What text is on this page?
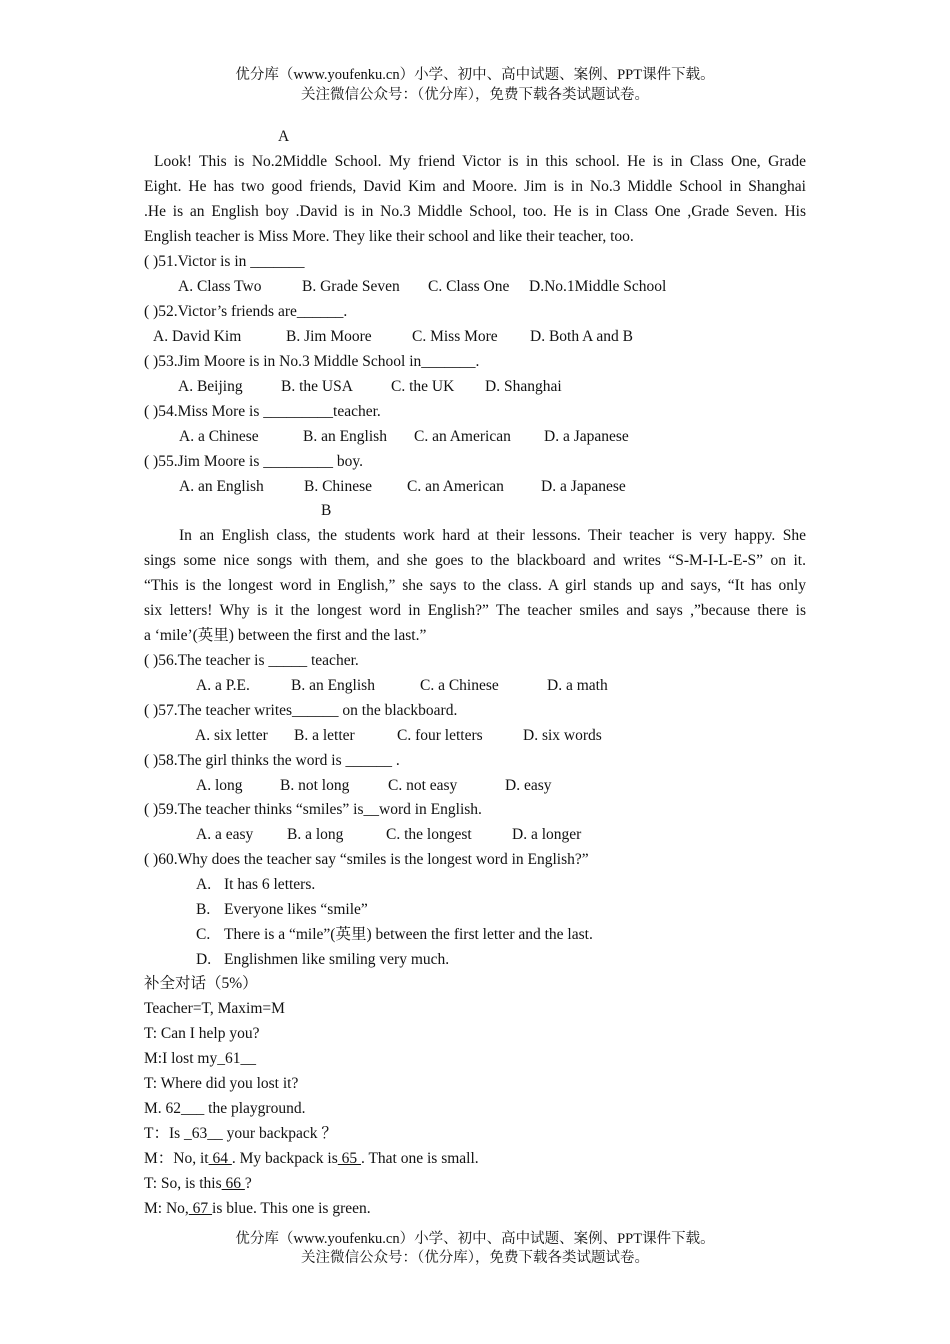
优分库（www.youfenku.cn）小学、初中、高中试题、案例、PPT课件下载。
关注微信公众号：（优分库），免费下载各类试题试卷。
A
Look! This is No.2Middle School. My friend Victor is in this school. He is in Class One, Grade
Eight. He has two good friends, David Kim and Moore. Jim is in No.3 Middle School in Shanghai
.He is an English boy .David is in No.3 Middle School, too. He is in Class One ,Grade Seven. His
English teacher is Miss More. They like their school and like their teacher, too.
( )51.Victor is in _______
A. Class Two	B. Grade Seven	C. Class One	D.No.1Middle School
( )52.Victor’s friends are______.
A. David Kim	B. Jim Moore	C. Miss More	D. Both A and B
( )53.Jim Moore is in No.3 Middle School in_______.
A. Beijing	B. the USA	C. the UK	D. Shanghai
( )54.Miss More is _________teacher.
A. a Chinese	B. an English	C. an American	D. a Japanese
( )55.Jim Moore is _________ boy.
A. an English	B. Chinese	C. an American	D. a Japanese
B
In an English class, the students work hard at their lessons. Their teacher is very happy. She
sings some nice songs with them, and she goes to the blackboard and writes “S-M-I-L-E-S” on it.
“This is the longest word in English,” she says to the class. A girl stands up and says, “It has only
six letters! Why is it the longest word in English?” The teacher smiles and says ,”because there is
a ‘mile’(英里) between the first and the last.”
( )56.The teacher is _____ teacher.
A. a P.E.	B. an English	C. a Chinese	D. a math
( )57.The teacher writes______ on the blackboard.
A. six letter	B. a letter	C. four letters	D. six words
( )58.The girl thinks the word is ______ .
A. long	B. not long	C. not easy	D. easy
( )59.The teacher thinks “smiles” is__word in English.
A. a easy	B. a long	C. the longest	D. a longer
( )60.Why does the teacher say “smiles is the longest word in English?”
A. It has 6 letters.
B. Everyone likes “smile”
C. There is a “mile”(英里) between the first letter and the last.
D. Englishmen like smiling very much.
补全对话（5%）
Teacher=T, Maxim=M
T: Can I help you?
M:I lost my_61__
T: Where did you lost it?
M. 62___ the playground.
T：Is _63__ your backpack ？
M：No, it 64 . My backpack is 65 . That one is small.
T: So, is this 66 ?
M: No, 67 is blue. This one is green.
优分库（www.youfenku.cn）小学、初中、高中试题、案例、PPT课件下载。
关注微信公众号：（优分库），免费下载各类试题试卷。
